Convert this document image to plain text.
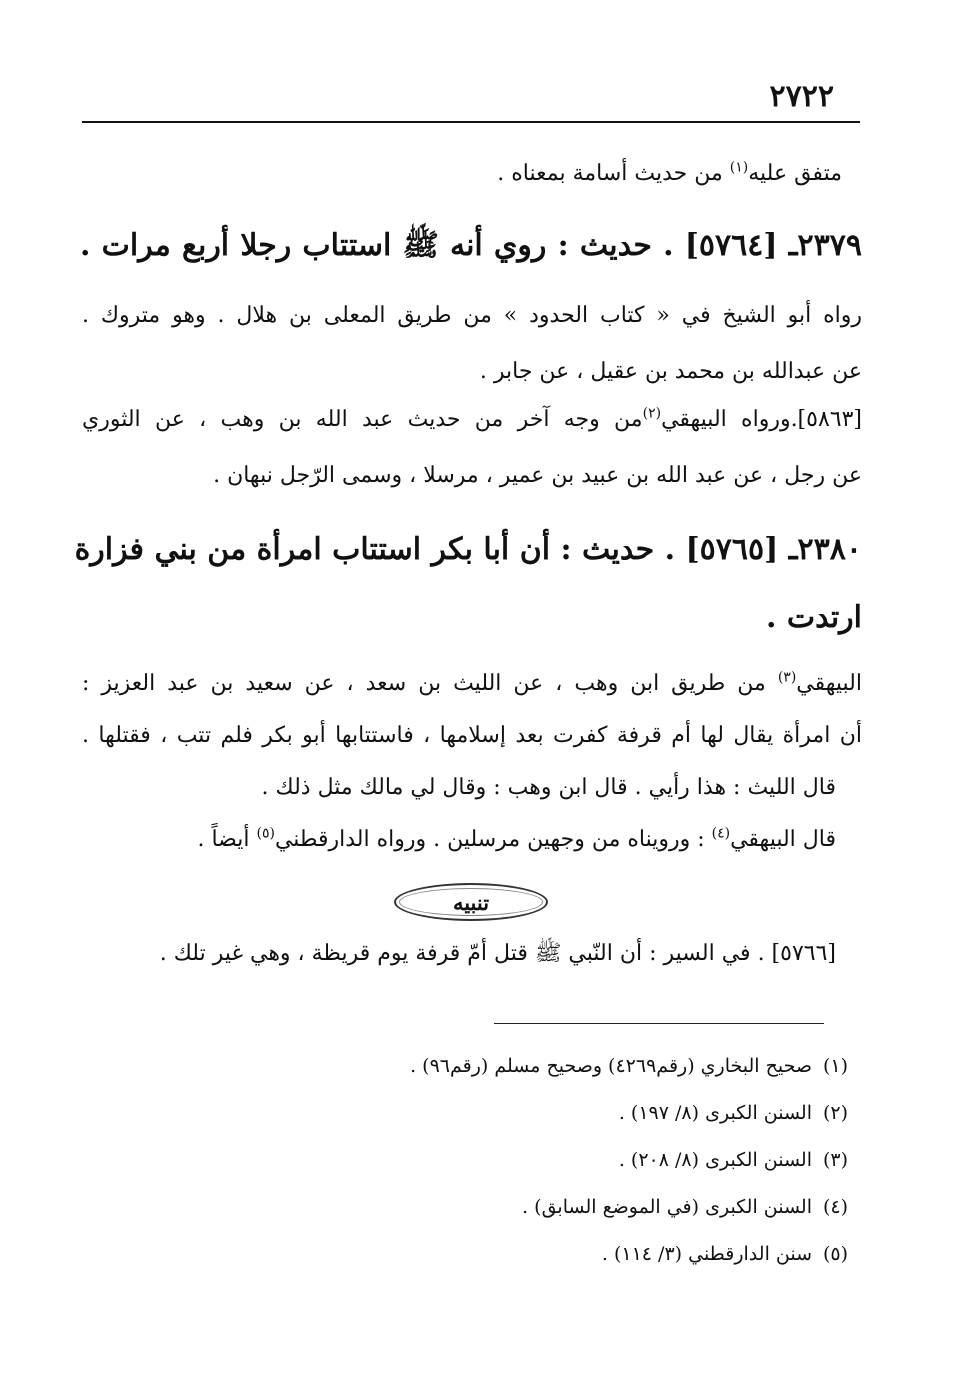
٢٧٢٢
متفق عليه$^{(١)}$ من حديث أسامة بمعناه .
٢٣٧٩ـ [٥٧٦٤] . حديث : روي أنه ﷺ استتاب رجلا أربع مرات .
رواه أبو الشيخ في « كتاب الحدود » من طريق المعلى بن هلال . وهو متروك .
عن عبدالله بن محمد بن عقيل ، عن جابر .
[٥٨٦٣].ورواه البيهقي$^{(٢)}$من وجه آخر من حديث عبد الله بن وهب ، عن الثوري
عن رجل ، عن عبد الله بن عبيد بن عمير ، مرسلا ، وسمى الرّجل نبهان .
٢٣٨٠ـ [٥٧٦٥] . حديث : أن أبا بكر استتاب امرأة من بني فزارة
ارتدت .
البيهقي$^{(٣)}$ من طريق ابن وهب ، عن الليث بن سعد ، عن سعيد بن عبد العزيز :
أن امرأة يقال لها أم قرفة كفرت بعد إسلامها ، فاستتابها أبو بكر فلم تتب ، فقتلها .
قال الليث : هذا رأيي . قال ابن وهب : وقال لي مالك مثل ذلك .
قال البيهقي$^{(٤)}$ : ورويناه من وجهين مرسلين . ورواه الدارقطني$^{(٥)}$ أيضاً .
تنبيه
[٥٧٦٦] . في السير : أن النّبي ﷺ قتل أمّ قرفة يوم قريظة ، وهي غير تلك .
(١)صحيح البخاري (رقم٤٢٦٩) وصحيح مسلم (رقم٩٦) .
(٢)السنن الكبرى (٨/ ١٩٧) .
(٣)السنن الكبرى (٨/ ٢٠٨) .
(٤)السنن الكبرى (في الموضع السابق) .
(٥)سنن الدارقطني (٣/ ١١٤) .
